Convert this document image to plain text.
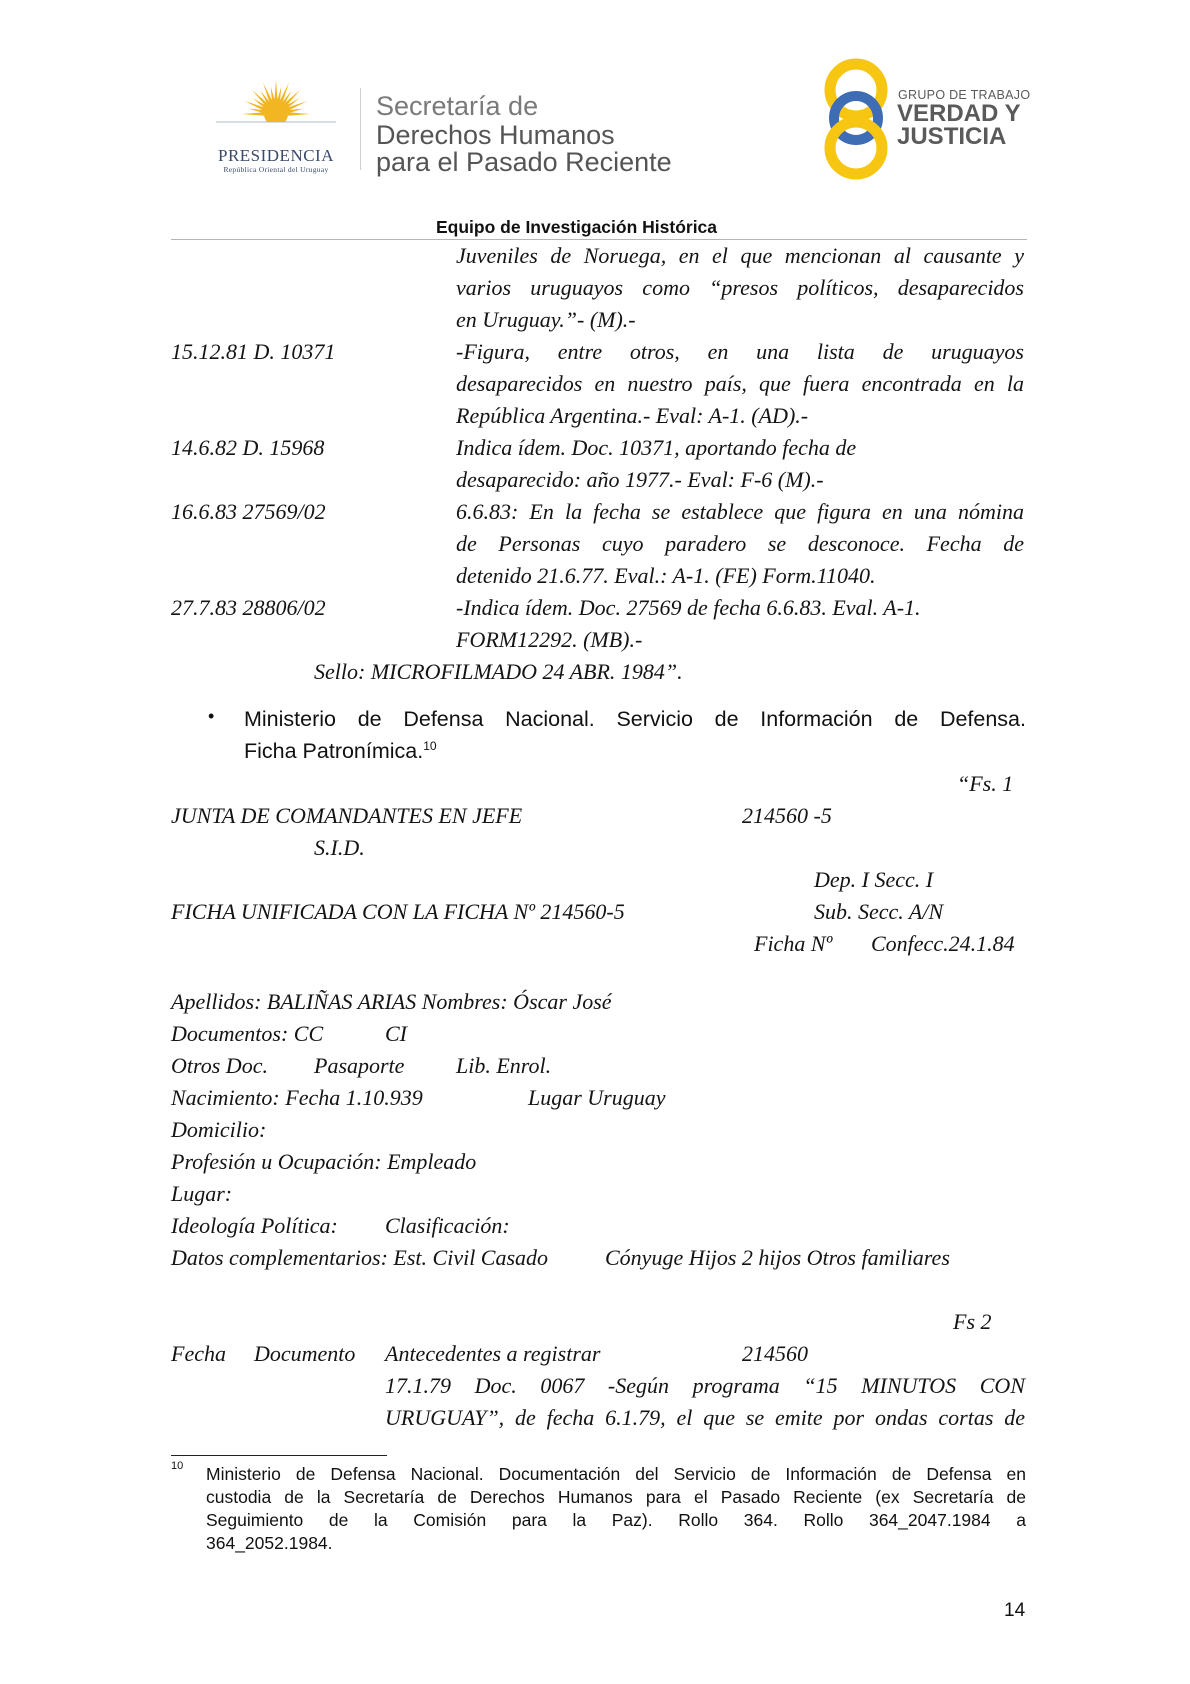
PRESIDENCIA
República Oriental del Uruguay
Secretaría de
Derechos Humanos
para el Pasado Reciente
GRUPO DE TRABAJO
VERDAD Y
JUSTICIA
Equipo de Investigación Histórica
Juveniles de Noruega, en el que mencionan al causante y
varios uruguayos como “presos políticos, desaparecidos
en Uruguay.”- (M).-
15.12.81 D. 10371	-Figura, entre otros, en una lista de uruguayos
desaparecidos en nuestro país, que fuera encontrada en la
República Argentina.- Eval: A-1. (AD).-
14.6.82 D. 15968	Indica ídem. Doc. 10371, aportando fecha de
desaparecido: año 1977.- Eval: F-6 (M).-
16.6.83 27569/02	6.6.83: En la fecha se establece que figura en una nómina
de Personas cuyo paradero se desconoce. Fecha de
detenido 21.6.77. Eval.: A-1. (FE) Form.11040.
27.7.83 28806/02	-Indica ídem. Doc. 27569 de fecha 6.6.83. Eval. A-1.
FORM12292. (MB).-
Sello: MICROFILMADO 24 ABR. 1984”.
• Ministerio de Defensa Nacional. Servicio de Información de Defensa.
Ficha Patronímica.$^{10}$
“Fs. 1
JUNTA DE COMANDANTES EN JEFE	214560 -5
S.I.D.
Dep. I Secc. I
FICHA UNIFICADA CON LA FICHA Nº 214560-5	Sub. Secc. A/N
Ficha Nº Confecc.24.1.84
Apellidos: BALIÑAS ARIAS Nombres: Óscar José
Documentos: CC	CI
Otros Doc. Pasaporte Lib. Enrol.
Nacimiento: Fecha 1.10.939	Lugar Uruguay
Domicilio:
Profesión u Ocupación: Empleado
Lugar:
Ideología Política: Clasificación:
Datos complementarios: Est. Civil Casado	Cónyuge Hijos 2 hijos Otros familiares
Fs 2
Fecha Documento Antecedentes a registrar	214560
17.1.79 Doc. 0067 -Según programa “15 MINUTOS CON
URUGUAY”, de fecha 6.1.79, el que se emite por ondas cortas de
10 Ministerio de Defensa Nacional. Documentación del Servicio de Información de Defensa en
custodia de la Secretaría de Derechos Humanos para el Pasado Reciente (ex Secretaría de
Seguimiento de la Comisión para la Paz). Rollo 364. Rollo 364_2047.1984 a
364_2052.1984.
14
